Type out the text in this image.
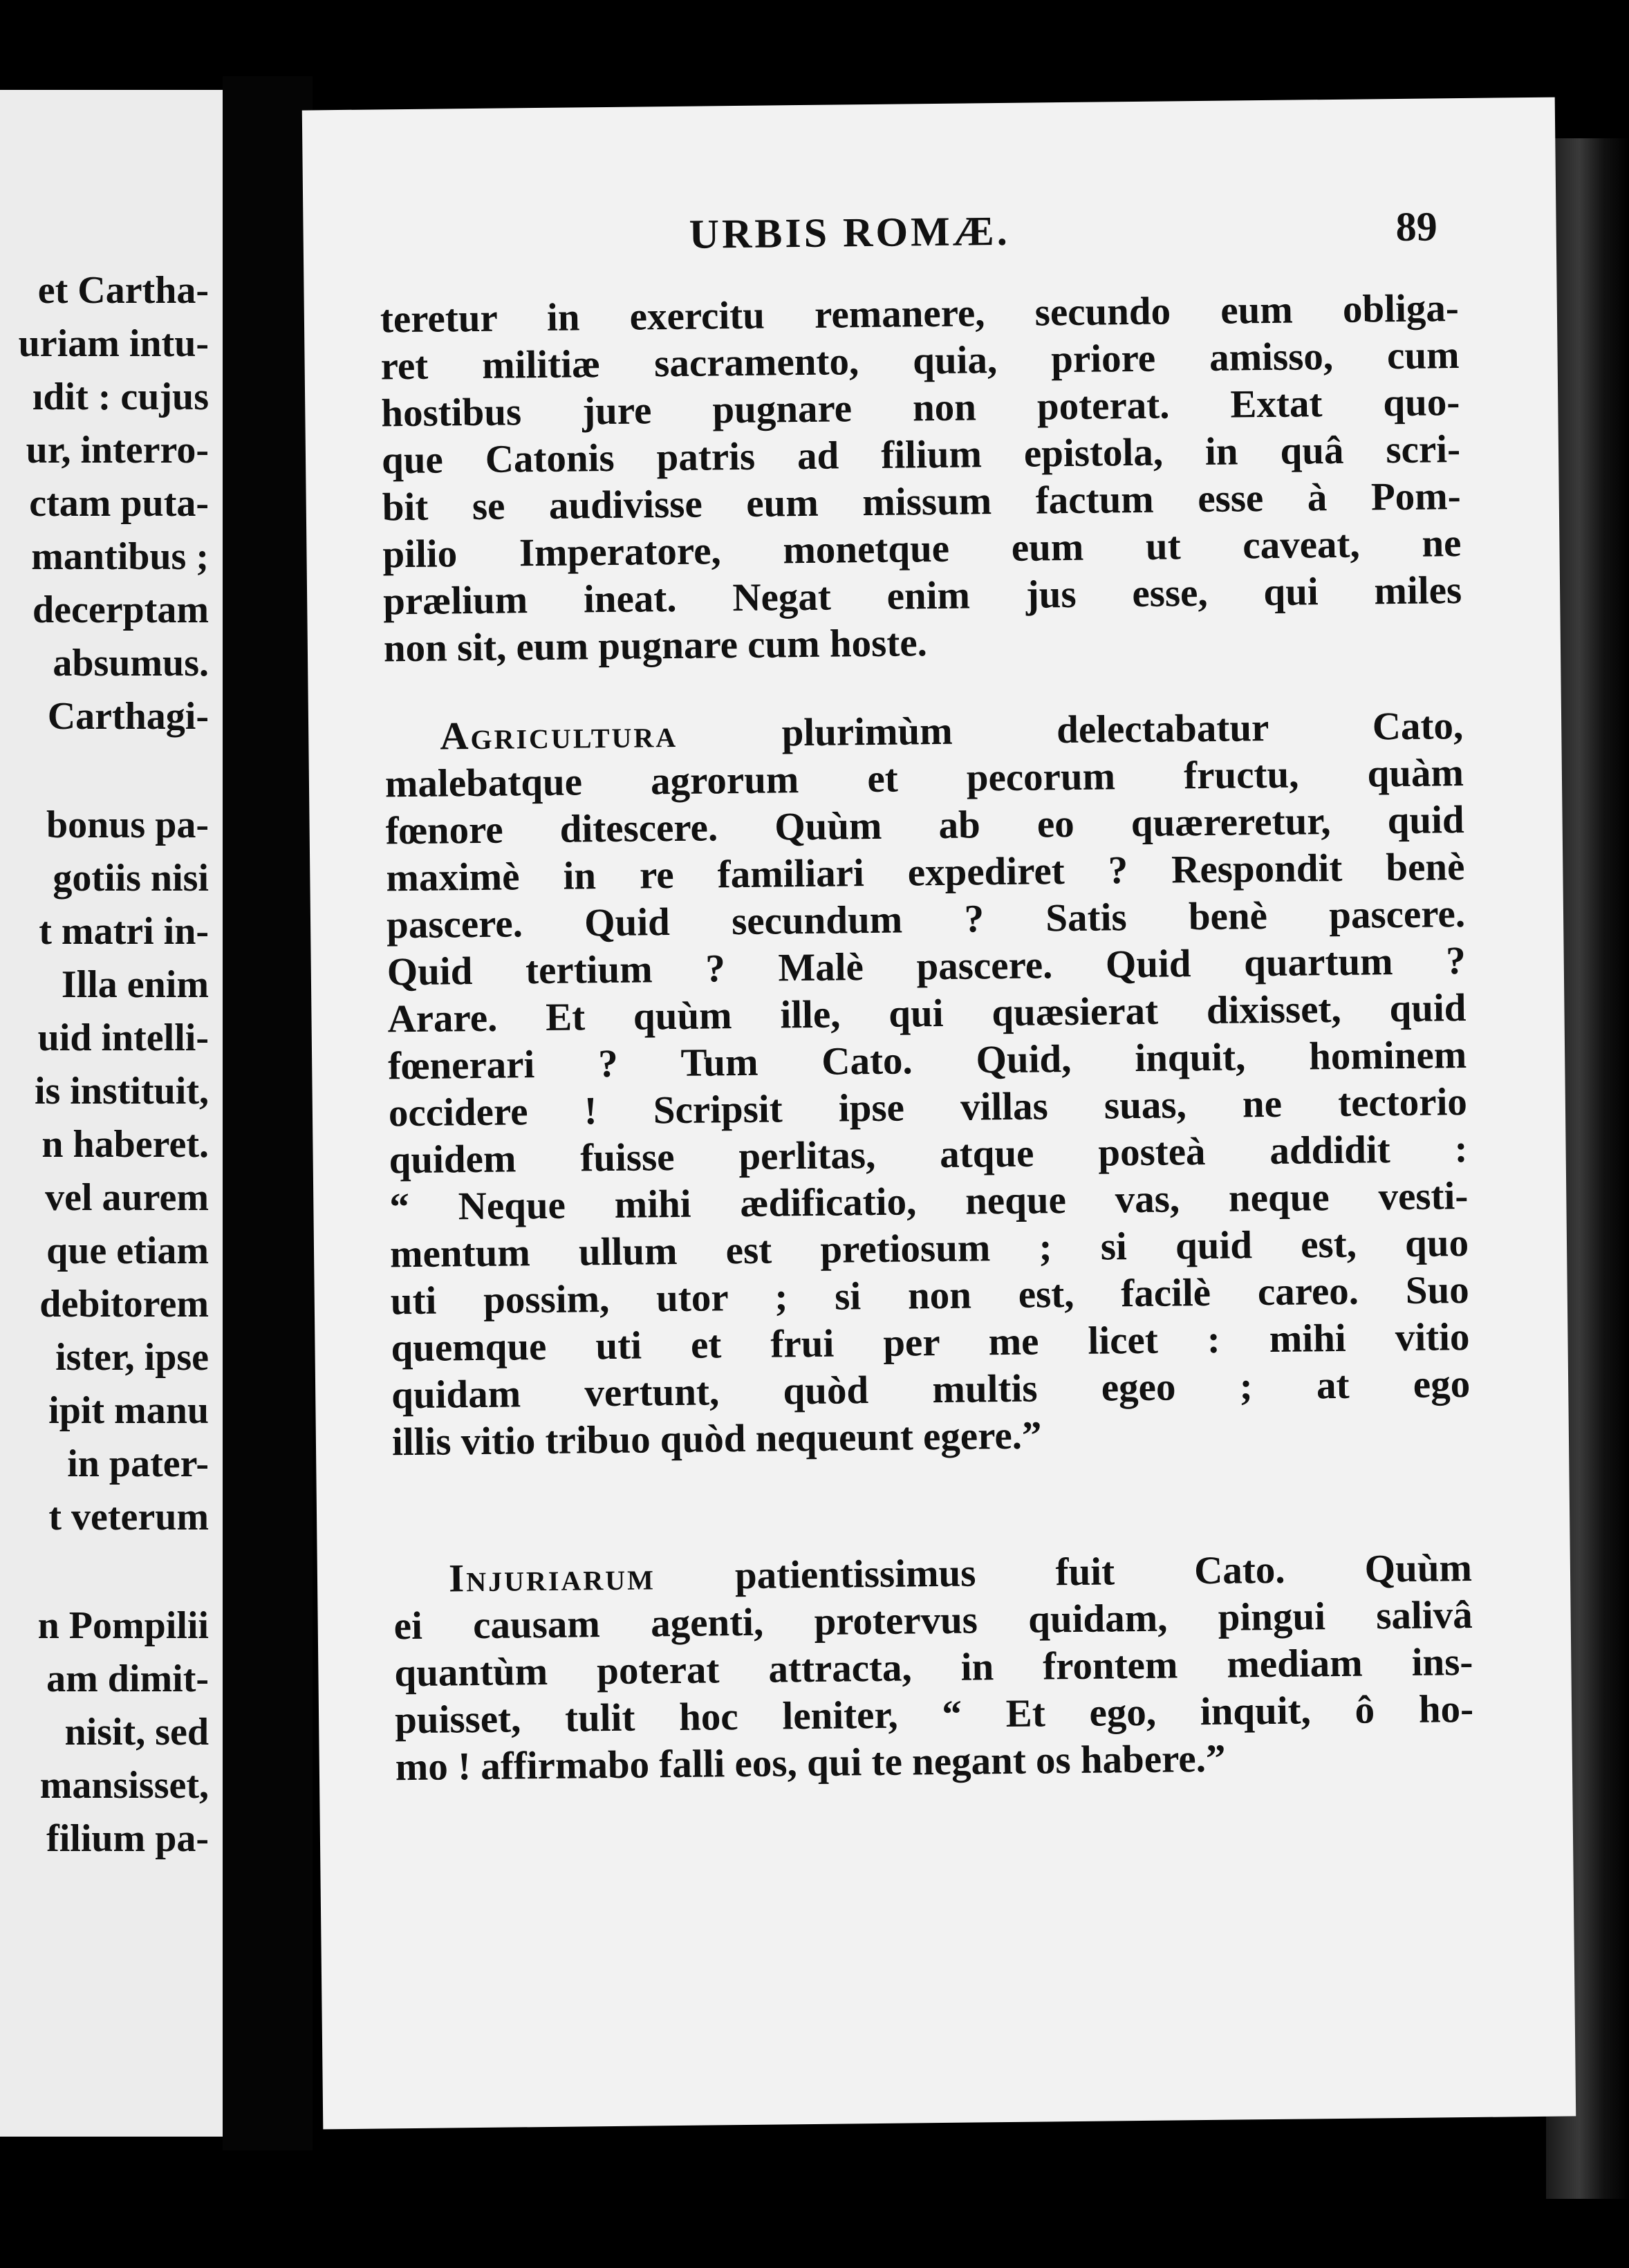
et Cartha-
uriam intu-
ıdit : cujus
ur, interro-
ctam puta-
mantibus ;
decerptam
absumus.
Carthagi-
bonus pa-
gotiis nisi
t matri in-
Illa enim
uid intelli-
is instituit,
n haberet.
vel aurem
que etiam
debitorem
ister, ipse
ipit manu
in pater-
t veterum
n Pompilii
am dimit-
nisit, sed
mansisset,
filium pa-
URBIS ROMÆ.	89
teretur in exercitu remanere, secundo eum obliga-
ret militiæ sacramento, quia, priore amisso, cum
hostibus jure pugnare non poterat. Extat quo-
que Catonis patris ad filium epistola, in quâ scri-
bit se audivisse eum missum factum esse à Pom-
pilio Imperatore, monetque eum ut caveat, ne
prælium ineat. Negat enim jus esse, qui miles
non sit, eum pugnare cum hoste.
Agricultura plurimùm delectabatur Cato,
malebatque agrorum et pecorum fructu, quàm
fœnore ditescere. Quùm ab eo quæreretur, quid
maximè in re familiari expediret ? Respondit benè
pascere. Quid secundum ? Satis benè pascere.
Quid tertium ? Malè pascere. Quid quartum ?
Arare. Et quùm ille, qui quæsierat dixisset, quid
fœnerari ? Tum Cato. Quid, inquit, hominem
occidere ! Scripsit ipse villas suas, ne tectorio
quidem fuisse perlitas, atque posteà addidit :
“ Neque mihi ædificatio, neque vas, neque vesti-
mentum ullum est pretiosum ; si quid est, quo
uti possim, utor ; si non est, facilè careo. Suo
quemque uti et frui per me licet : mihi vitio
quidam vertunt, quòd multis egeo ; at ego
illis vitio tribuo quòd nequeunt egere.”
Injuriarum patientissimus fuit Cato. Quùm
ei causam agenti, protervus quidam, pingui salivâ
quantùm poterat attracta, in frontem mediam ins-
puisset, tulit hoc leniter, “ Et ego, inquit, ô ho-
mo ! affirmabo falli eos, qui te negant os habere.”
